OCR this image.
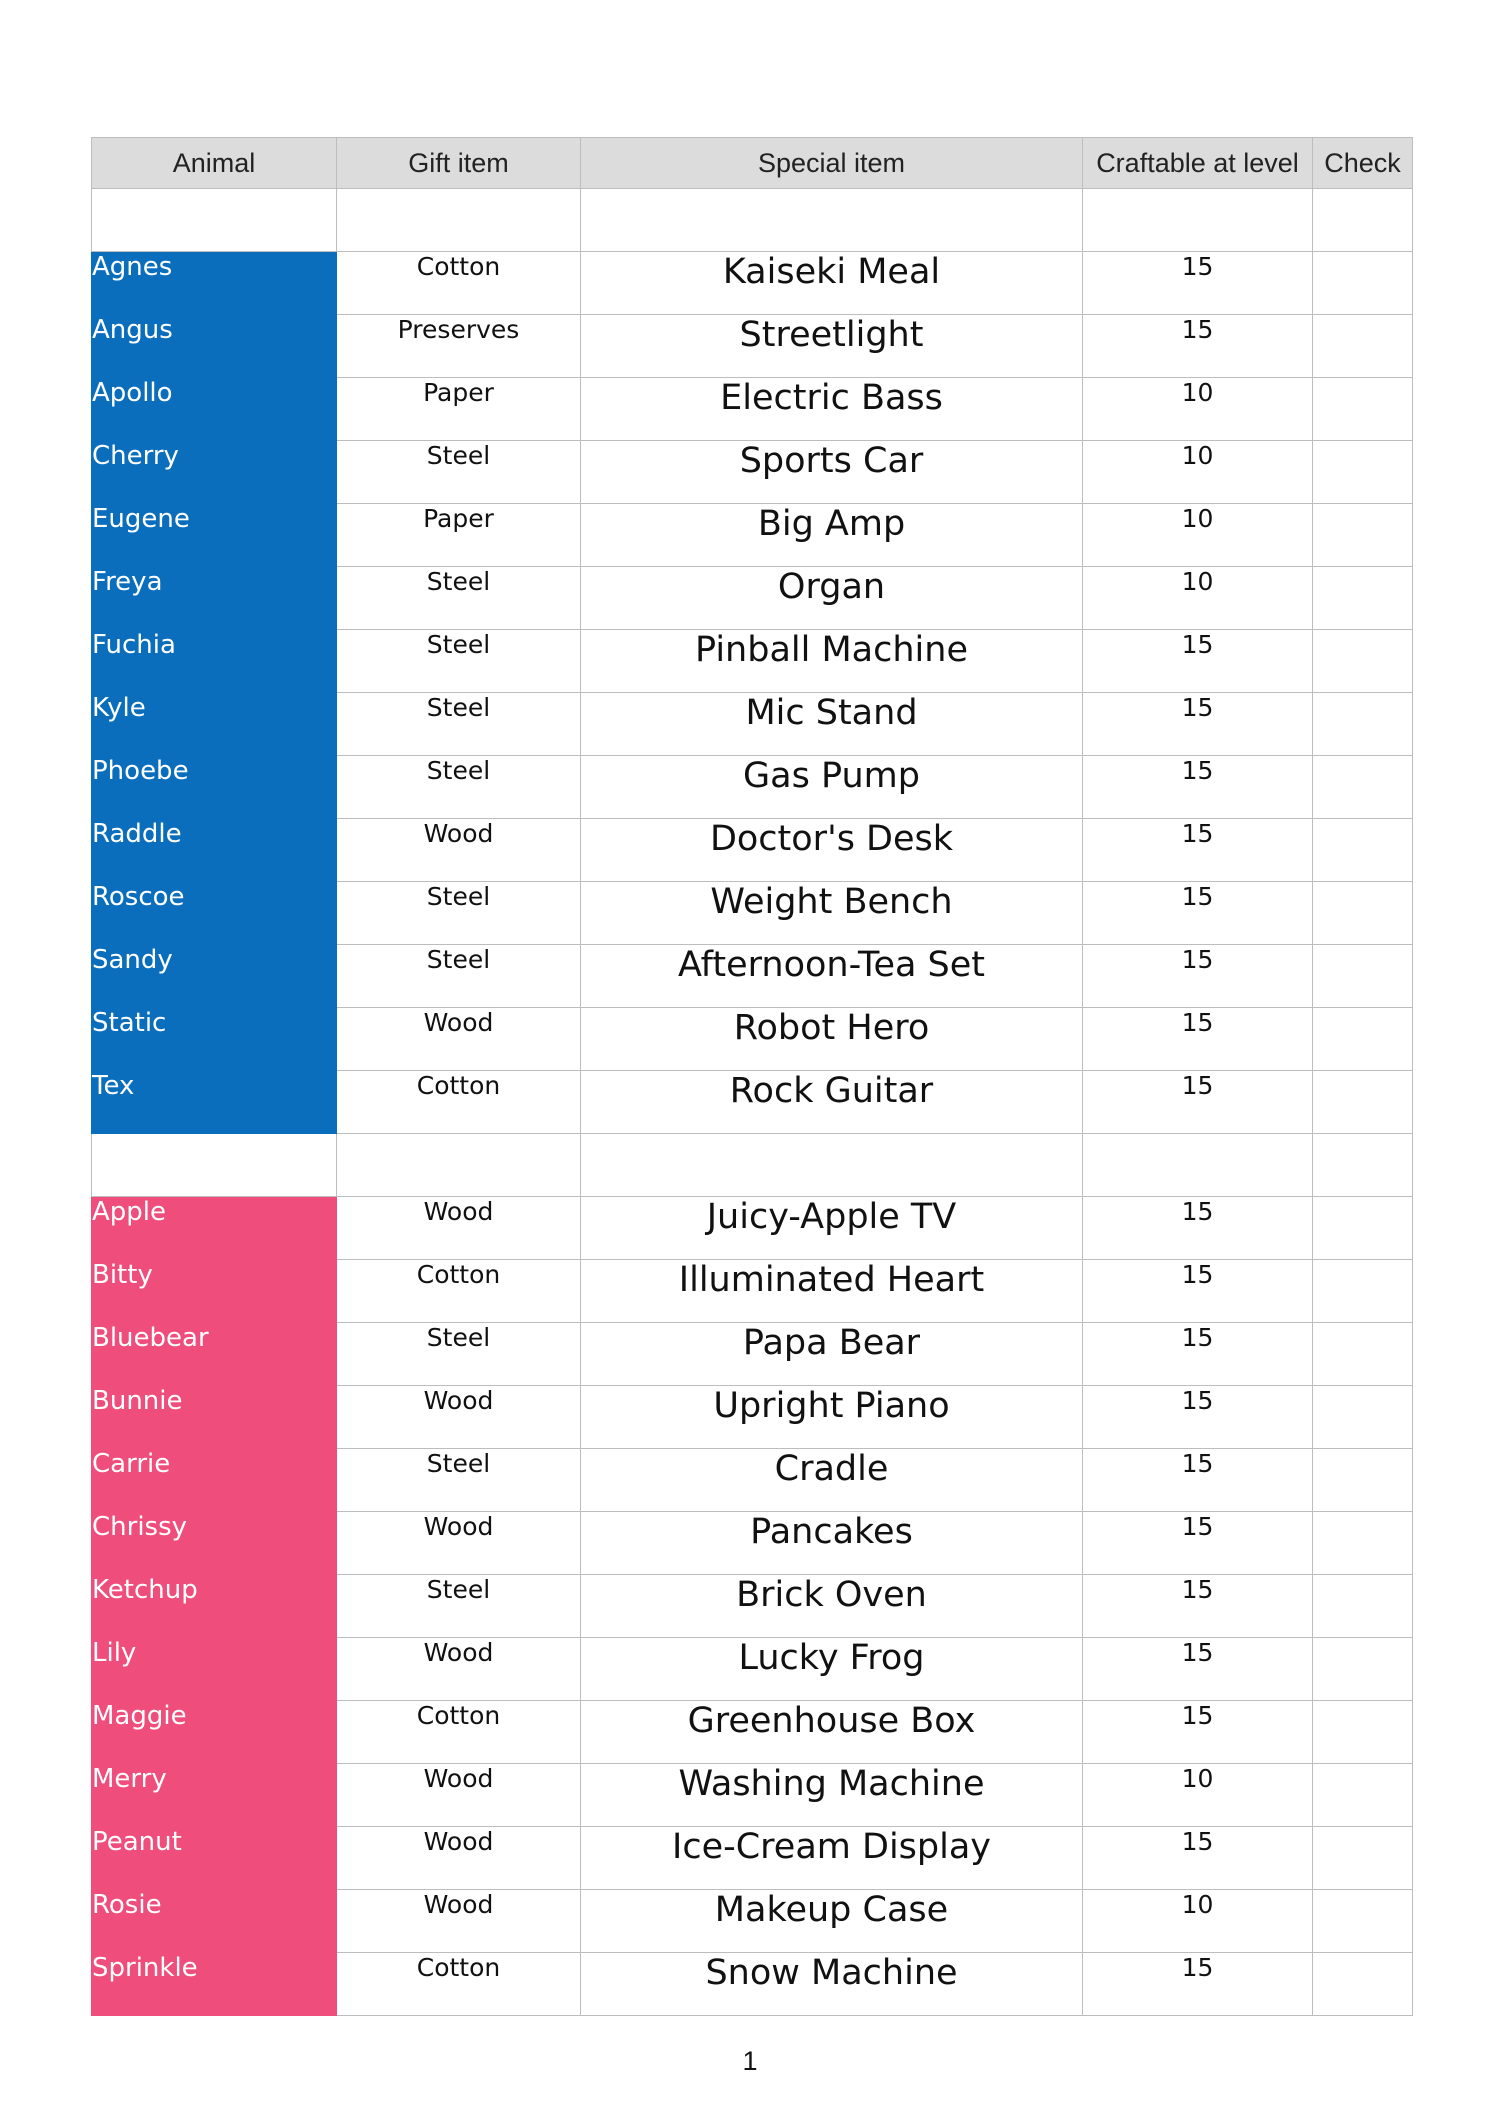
Animal	Gift item	Special item	Craftable at level	Check

Agnes	Cotton	Kaiseki Meal	15	
Angus	Preserves	Streetlight	15	
Apollo	Paper	Electric Bass	10	
Cherry	Steel	Sports Car	10	
Eugene	Paper	Big Amp	10	
Freya	Steel	Organ	10	
Fuchia	Steel	Pinball Machine	15	
Kyle	Steel	Mic Stand	15	
Phoebe	Steel	Gas Pump	15	
Raddle	Wood	Doctor's Desk	15	
Roscoe	Steel	Weight Bench	15	
Sandy	Steel	Afternoon-Tea Set	15	
Static	Wood	Robot Hero	15	
Tex	Cotton	Rock Guitar	15	

Apple	Wood	Juicy-Apple TV	15	
Bitty	Cotton	Illuminated Heart	15	
Bluebear	Steel	Papa Bear	15	
Bunnie	Wood	Upright Piano	15	
Carrie	Steel	Cradle	15	
Chrissy	Wood	Pancakes	15	
Ketchup	Steel	Brick Oven	15	
Lily	Wood	Lucky Frog	15	
Maggie	Cotton	Greenhouse Box	15	
Merry	Wood	Washing Machine	10	
Peanut	Wood	Ice-Cream Display	15	
Rosie	Wood	Makeup Case	10	
Sprinkle	Cotton	Snow Machine	15	
1
